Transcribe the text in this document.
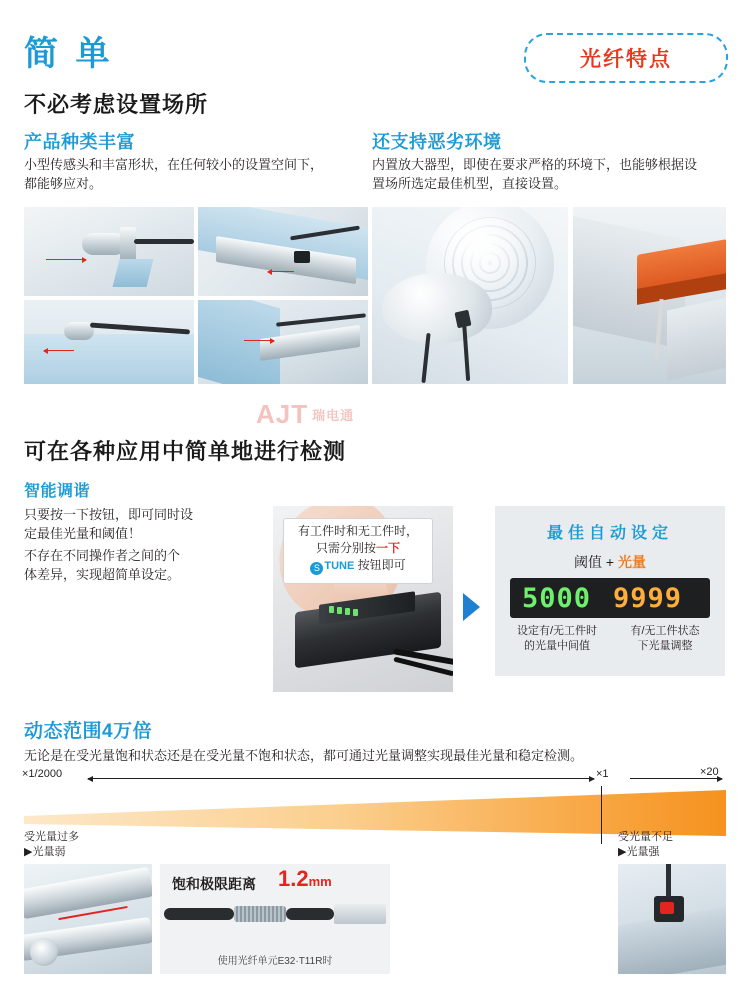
简 单	光纤特点
不必考虑设置场所
产品种类丰富
小型传感头和丰富形状，在任何较小的设置空间下，都能够应对。
还支持恶劣环境
内置放大器型，即使在要求严格的环境下，也能够根据设置场所选定最佳机型，直接设置。
AJT 瑞电通
可在各种应用中简单地进行检测
智能调谐
只要按一下按钮，即可同时设
定最佳光量和阈值！
不存在不同操作者之间的个
体差异，实现超简单设定。
有工件时和无工件时，
只需分别按一下
S TUNE 按钮即可
最佳自动设定
阈值 + 光量
5000 9999
设定有/无工件时
的光量中间值
有/无工件状态
下光量调整
动态范围4万倍
无论是在受光量饱和状态还是在受光量不饱和状态，都可通过光量调整实现最佳光量和稳定检测。
×1/2000	×1	×20
受光量过多
▶光量弱
受光量不足
▶光量强
饱和极限距离 1.2mm
使用光纤单元E32·T11R时
